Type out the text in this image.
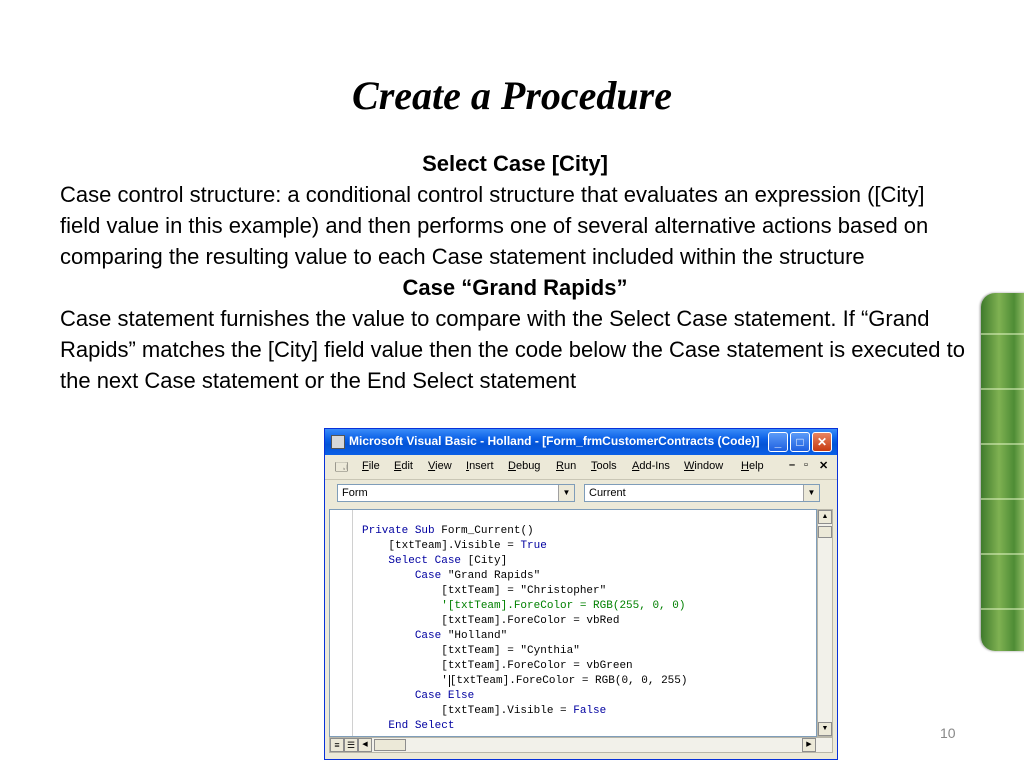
Create a Procedure

Select Case [City]

Case control structure: a conditional control structure that evaluates an expression ([City] field value in this example) and then performs one of several alternative actions based on comparing the resulting value to each Case statement included within the structure

Case “Grand Rapids”

Case statement furnishes the value to compare with the Select Case statement. If “Grand Rapids” matches the [City] field value then the code below the Case statement is executed to the next Case statement or the End Select statement

Microsoft Visual Basic - Holland - [Form_frmCustomerContracts (Code)]	_	□	✕
🗔 File Edit View Insert Debug Run Tools Add-Ins Window Help – ▫ ✕
Form	▼	Current	▼
Private Sub Form_Current()
[txtTeam].Visible = True
Select Case [City]
Case "Grand Rapids"
[txtTeam] = "Christopher"
'[txtTeam].ForeColor = RGB(255, 0, 0)
[txtTeam].ForeColor = vbRed
Case "Holland"
[txtTeam] = "Cynthia"
[txtTeam].ForeColor = vbGreen
' [txtTeam].ForeColor = RGB(0, 0, 255)
Case Else
[txtTeam].Visible = False
End Select
▲
▼
≡ ☰	◀	▶
10
